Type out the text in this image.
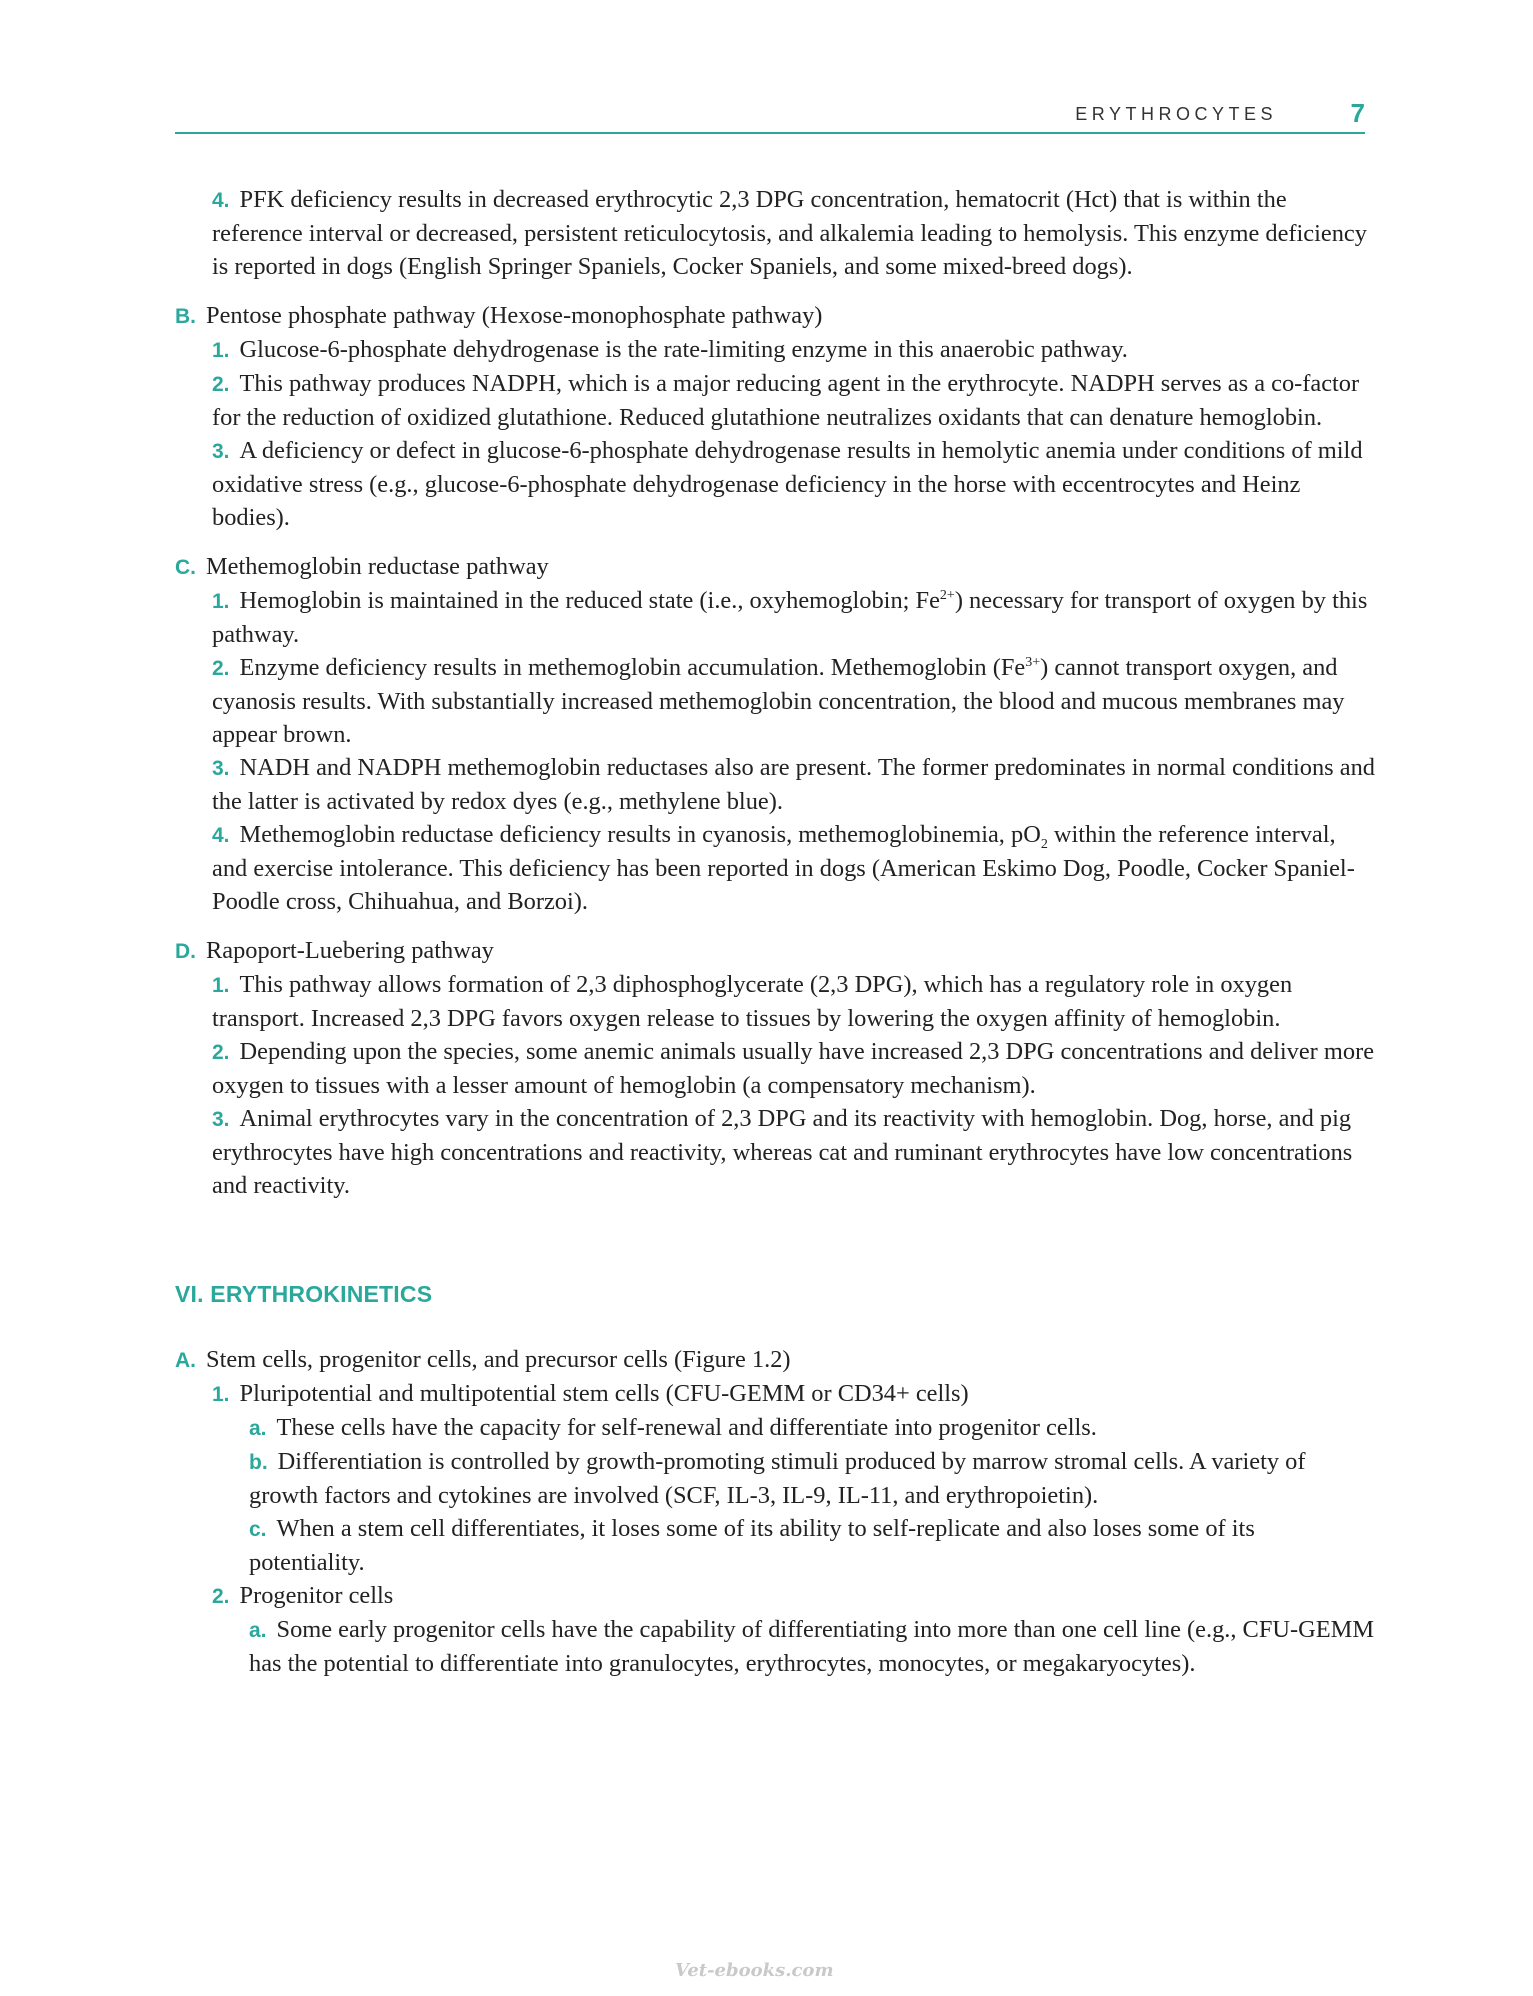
ERYTHROCYTES	7

4. PFK deficiency results in decreased erythrocytic 2,3 DPG concentration, hematocrit (Hct) that is within the reference interval or decreased, persistent reticulocytosis, and alkalemia leading to hemolysis. This enzyme deficiency is reported in dogs (English Springer Spaniels, Cocker Spaniels, and some mixed-breed dogs).

B. Pentose phosphate pathway (Hexose-monophosphate pathway)

1. Glucose-6-phosphate dehydrogenase is the rate-limiting enzyme in this anaerobic pathway.

2. This pathway produces NADPH, which is a major reducing agent in the erythrocyte. NADPH serves as a co-factor for the reduction of oxidized glutathione. Reduced glutathione neutralizes oxidants that can denature hemoglobin.

3. A deficiency or defect in glucose-6-phosphate dehydrogenase results in hemolytic anemia under conditions of mild oxidative stress (e.g., glucose-6-phosphate dehydrogenase deficiency in the horse with eccentrocytes and Heinz bodies).

C. Methemoglobin reductase pathway

1. Hemoglobin is maintained in the reduced state (i.e., oxyhemoglobin; $Fe^{2+}$) necessary for transport of oxygen by this pathway.

2. Enzyme deficiency results in methemoglobin accumulation. Methemoglobin $(Fe^{3+})$ cannot transport oxygen, and cyanosis results. With substantially increased methemoglobin concentration, the blood and mucous membranes may appear brown.

3. NADH and NADPH methemoglobin reductases also are present. The former predominates in normal conditions and the latter is activated by redox dyes (e.g., methylene blue).

4. Methemoglobin reductase deficiency results in cyanosis, methemoglobinemia, $pO_2$ within the reference interval, and exercise intolerance. This deficiency has been reported in dogs (American Eskimo Dog, Poodle, Cocker Spaniel-Poodle cross, Chihuahua, and Borzoi).

D. Rapoport-Luebering pathway

1. This pathway allows formation of 2,3 diphosphoglycerate (2,3 DPG), which has a regulatory role in oxygen transport. Increased 2,3 DPG favors oxygen release to tissues by lowering the oxygen affinity of hemoglobin.

2. Depending upon the species, some anemic animals usually have increased 2,3 DPG concentrations and deliver more oxygen to tissues with a lesser amount of hemoglobin (a compensatory mechanism).

3. Animal erythrocytes vary in the concentration of 2,3 DPG and its reactivity with hemoglobin. Dog, horse, and pig erythrocytes have high concentrations and reactivity, whereas cat and ruminant erythrocytes have low concentrations and reactivity.

VI. ERYTHROKINETICS

A. Stem cells, progenitor cells, and precursor cells (Figure 1.2)

1. Pluripotential and multipotential stem cells (CFU-GEMM or CD34+ cells)

a. These cells have the capacity for self-renewal and differentiate into progenitor cells.

b. Differentiation is controlled by growth-promoting stimuli produced by marrow stromal cells. A variety of growth factors and cytokines are involved (SCF, IL-3, IL-9, IL-11, and erythropoietin).

c. When a stem cell differentiates, it loses some of its ability to self-replicate and also loses some of its potentiality.

2. Progenitor cells

a. Some early progenitor cells have the capability of differentiating into more than one cell line (e.g., CFU-GEMM has the potential to differentiate into granulocytes, erythrocytes, monocytes, or megakaryocytes).

Vet-ebooks.com
